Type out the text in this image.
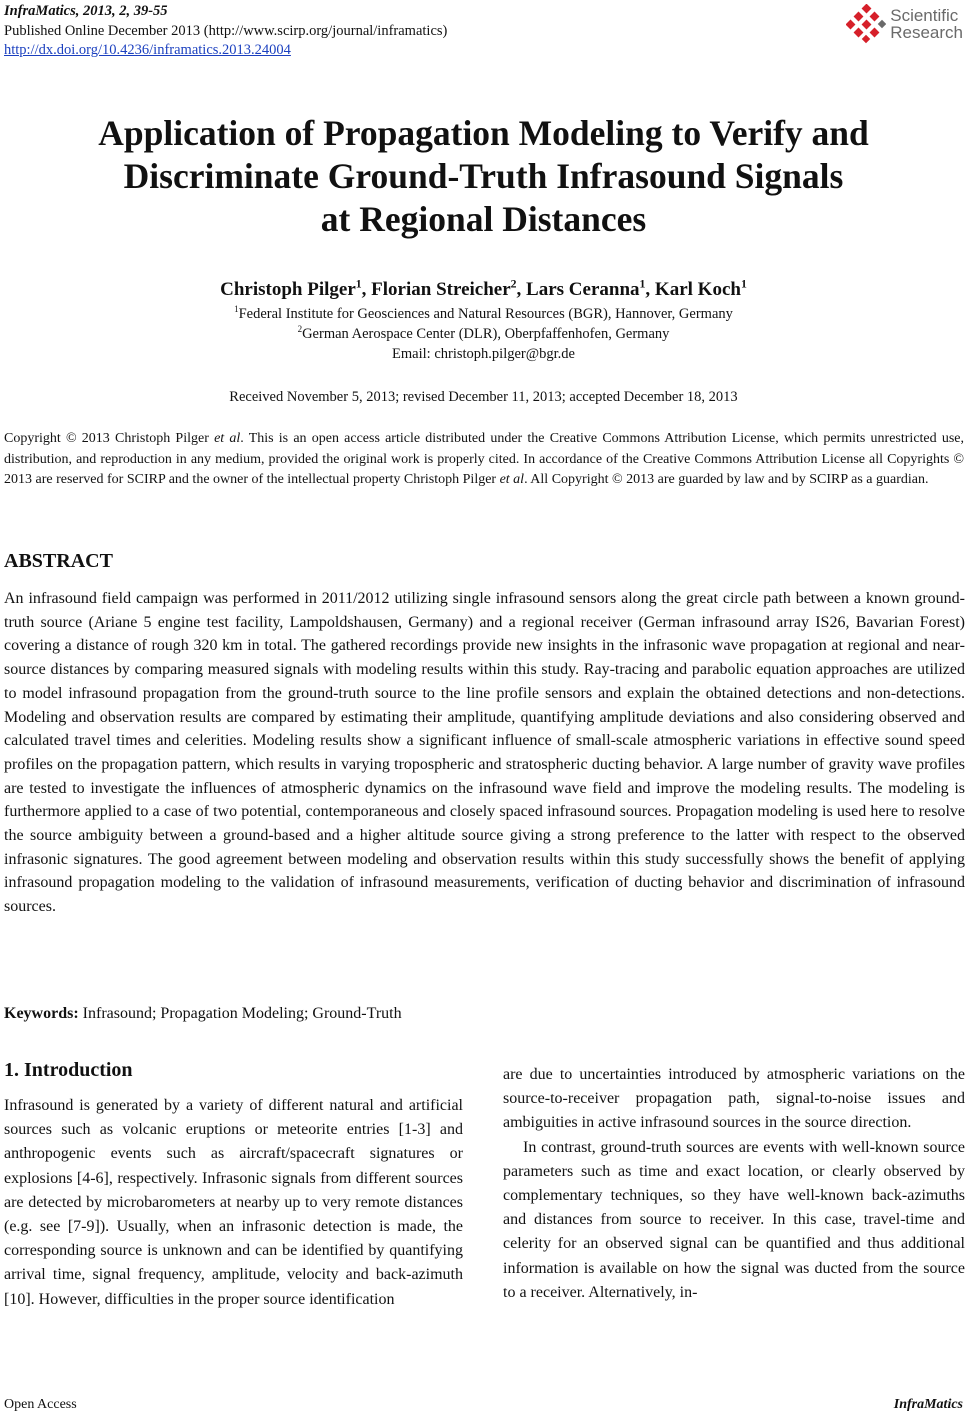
InfraMatics, 2013, 2, 39-55
Published Online December 2013 (http://www.scirp.org/journal/inframatics)
http://dx.doi.org/10.4236/inframatics.2013.24004
Scientific
Research
Application of Propagation Modeling to Verify and
Discriminate Ground-Truth Infrasound Signals
at Regional Distances
Christoph Pilger$^1$, Florian Streicher$^2$, Lars Ceranna$^1$, Karl Koch$^1$
$^1$Federal Institute for Geosciences and Natural Resources (BGR), Hannover, Germany
$^2$German Aerospace Center (DLR), Oberpfaffenhofen, Germany
Email: christoph.pilger@bgr.de
Received November 5, 2013; revised December 11, 2013; accepted December 18, 2013
Copyright © 2013 Christoph Pilger et al. This is an open access article distributed under the Creative Commons Attribution License, which permits unrestricted use, distribution, and reproduction in any medium, provided the original work is properly cited. In accordance of the Creative Commons Attribution License all Copyrights © 2013 are reserved for SCIRP and the owner of the intellectual property Christoph Pilger et al. All Copyright © 2013 are guarded by law and by SCIRP as a guardian.
ABSTRACT
An infrasound field campaign was performed in 2011/2012 utilizing single infrasound sensors along the great circle path between a known ground-truth source (Ariane 5 engine test facility, Lampoldshausen, Germany) and a regional receiver (German infrasound array IS26, Bavarian Forest) covering a distance of rough 320 km in total. The gathered recordings provide new insights in the infrasonic wave propagation at regional and near-source distances by comparing measured signals with modeling results within this study. Ray-tracing and parabolic equation approaches are utilized to model infrasound propagation from the ground-truth source to the line profile sensors and explain the obtained detections and non-detections. Modeling and observation results are compared by estimating their amplitude, quantifying amplitude deviations and also considering observed and calculated travel times and celerities. Modeling results show a significant influence of small-scale atmospheric variations in effective sound speed profiles on the propagation pattern, which results in varying tropospheric and stratospheric ducting behavior. A large number of gravity wave profiles are tested to investigate the influences of atmospheric dynamics on the infrasound wave field and improve the modeling results. The modeling is furthermore applied to a case of two potential, contemporaneous and closely spaced infrasound sources. Propagation modeling is used here to resolve the source ambiguity between a ground-based and a higher altitude source giving a strong preference to the latter with respect to the observed infrasonic signatures. The good agreement between modeling and observation results within this study successfully shows the benefit of applying infrasound propagation modeling to the validation of infrasound measurements, verification of ducting behavior and discrimination of infrasound sources.
Keywords: Infrasound; Propagation Modeling; Ground-Truth
1. Introduction

Infrasound is generated by a variety of different natural and artificial sources such as volcanic eruptions or meteorite entries [1-3] and anthropogenic events such as aircraft/spacecraft signatures or explosions [4-6], respectively. Infrasonic signals from different sources are detected by microbarometers at nearby up to very remote distances (e.g. see [7-9]). Usually, when an infrasonic detection is made, the corresponding source is unknown and can be identified by quantifying arrival time, signal frequency, amplitude, velocity and back-azimuth [10]. However, difficulties in the proper source identification

are due to uncertainties introduced by atmospheric variations on the source-to-receiver propagation path, signal-to-noise issues and ambiguities in active infrasound sources in the source direction.

In contrast, ground-truth sources are events with well-known source parameters such as time and exact location, or clearly observed by complementary techniques, so they have well-known back-azimuths and distances from source to receiver. In this case, travel-time and celerity for an observed signal can be quantified and thus additional information is available on how the signal was ducted from the source to a receiver. Alternatively, in-

Open Access	InfraMatics
